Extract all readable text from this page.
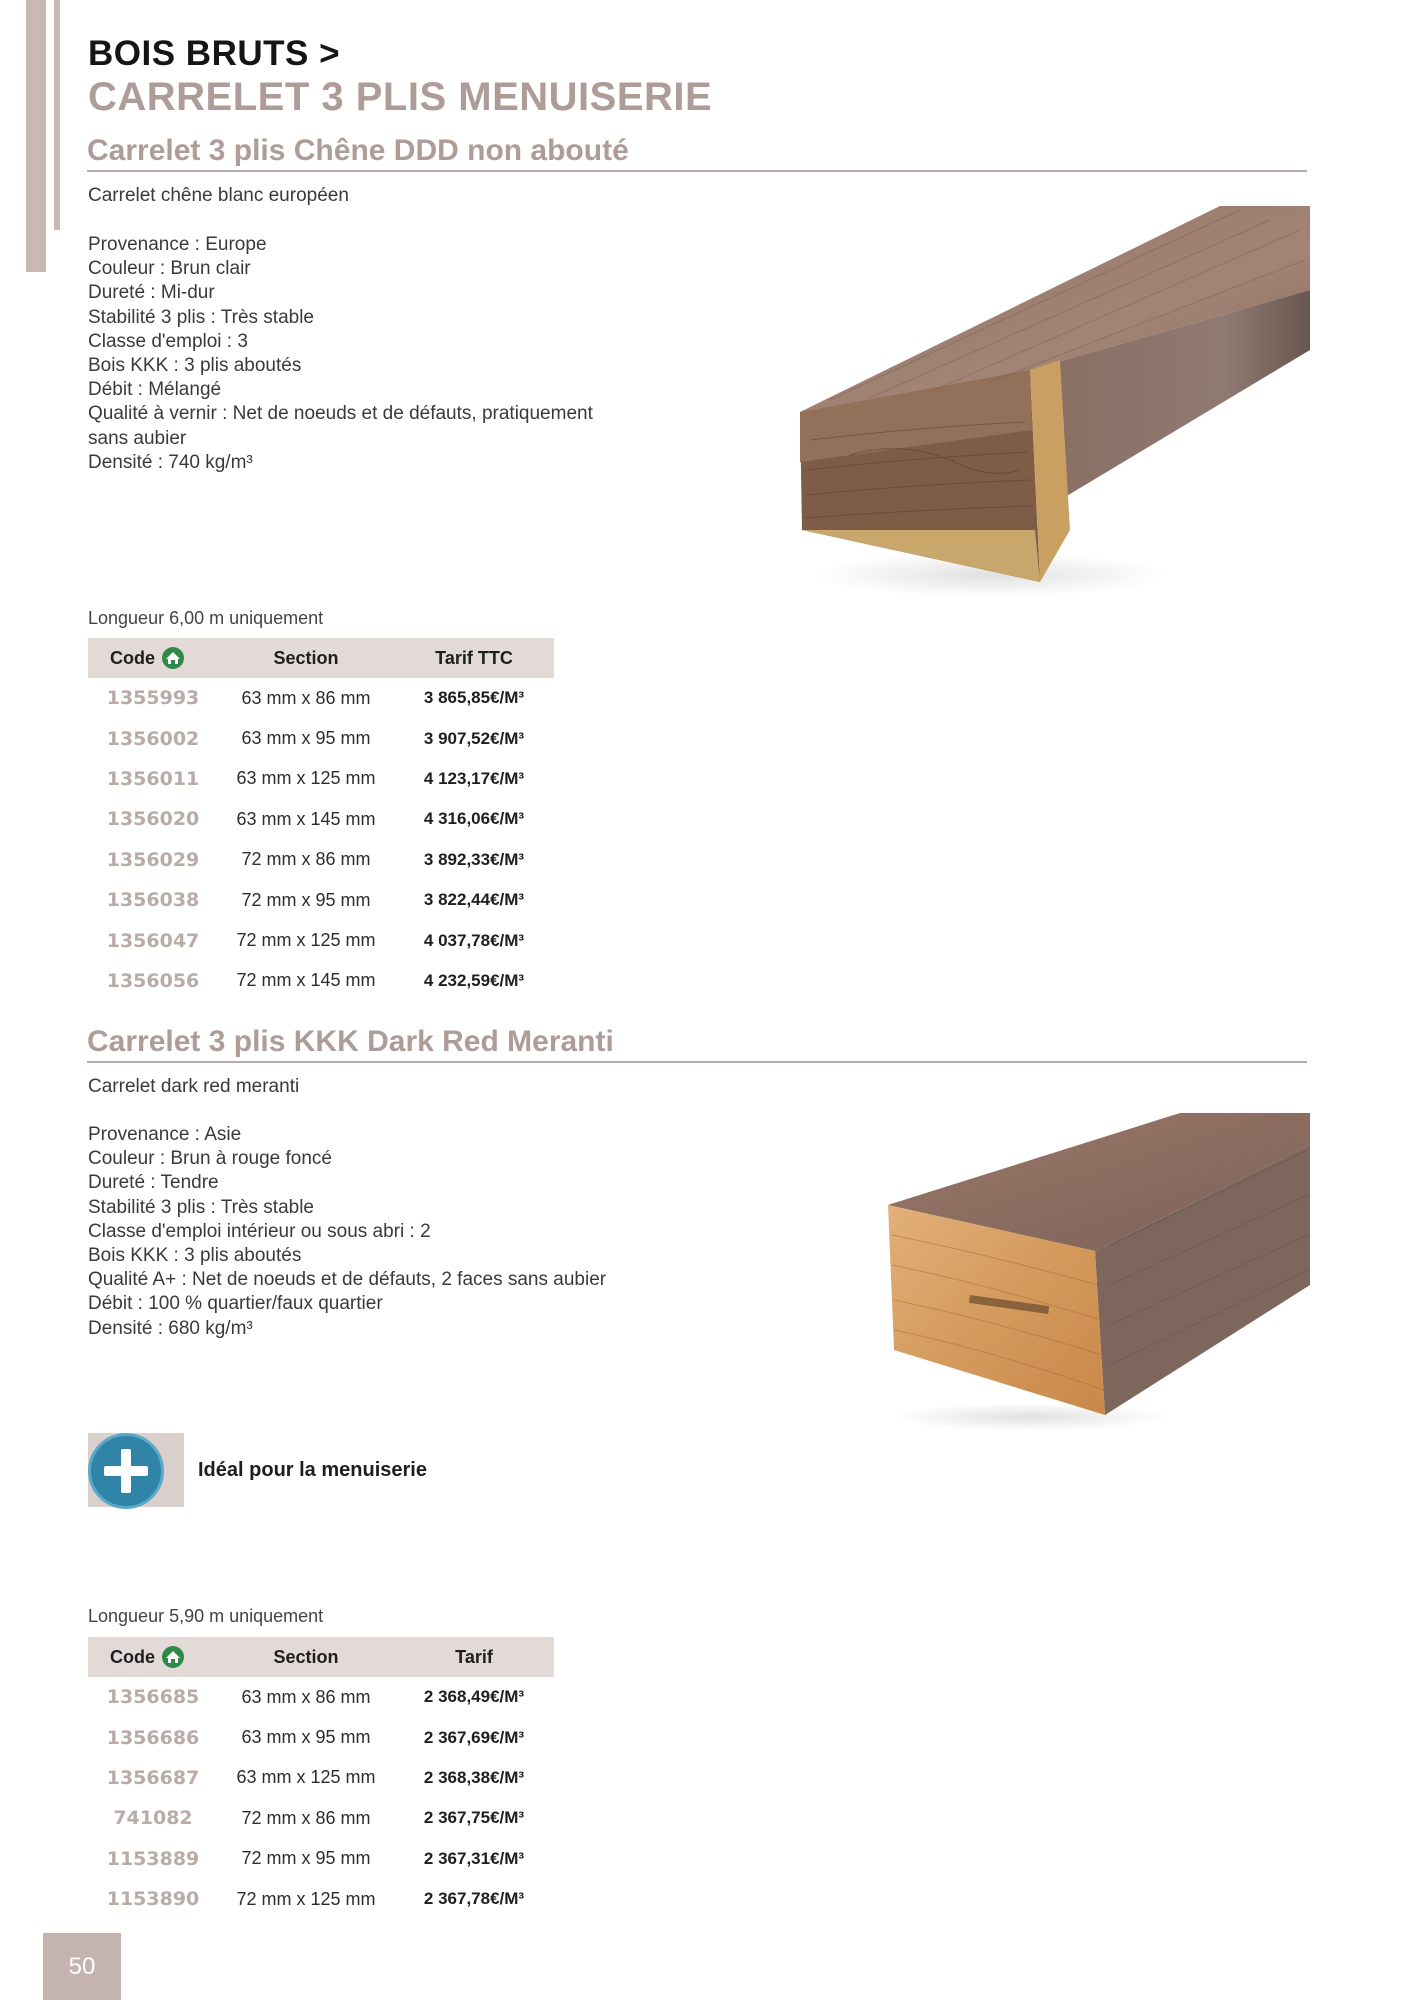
BOIS BRUTS >
CARRELET 3 PLIS MENUISERIE
Carrelet 3 plis Chêne DDD non abouté
Carrelet chêne blanc européen
Provenance : Europe
Couleur : Brun clair
Dureté : Mi-dur
Stabilité 3 plis : Très stable
Classe d'emploi : 3
Bois KKK : 3 plis aboutés
Débit : Mélangé
Qualité à vernir : Net de noeuds et de défauts, pratiquement
sans aubier
Densité : 740 kg/m³
Longueur 6,00 m uniquement
Code	Section	Tarif TTC
1355993	63 mm x 86 mm	3 865,85€/M³
1356002	63 mm x 95 mm	3 907,52€/M³
1356011	63 mm x 125 mm	4 123,17€/M³
1356020	63 mm x 145 mm	4 316,06€/M³
1356029	72 mm x 86 mm	3 892,33€/M³
1356038	72 mm x 95 mm	3 822,44€/M³
1356047	72 mm x 125 mm	4 037,78€/M³
1356056	72 mm x 145 mm	4 232,59€/M³
Carrelet 3 plis KKK Dark Red Meranti
Carrelet dark red meranti
Provenance : Asie
Couleur : Brun à rouge foncé
Dureté : Tendre
Stabilité 3 plis : Très stable
Classe d'emploi intérieur ou sous abri : 2
Bois KKK : 3 plis aboutés
Qualité A+ : Net de noeuds et de défauts, 2 faces sans aubier
Débit : 100 % quartier/faux quartier
Densité : 680 kg/m³
Idéal pour la menuiserie
Longueur 5,90 m uniquement
Code	Section	Tarif
1356685	63 mm x 86 mm	2 368,49€/M³
1356686	63 mm x 95 mm	2 367,69€/M³
1356687	63 mm x 125 mm	2 368,38€/M³
741082	72 mm x 86 mm	2 367,75€/M³
1153889	72 mm x 95 mm	2 367,31€/M³
1153890	72 mm x 125 mm	2 367,78€/M³
50
